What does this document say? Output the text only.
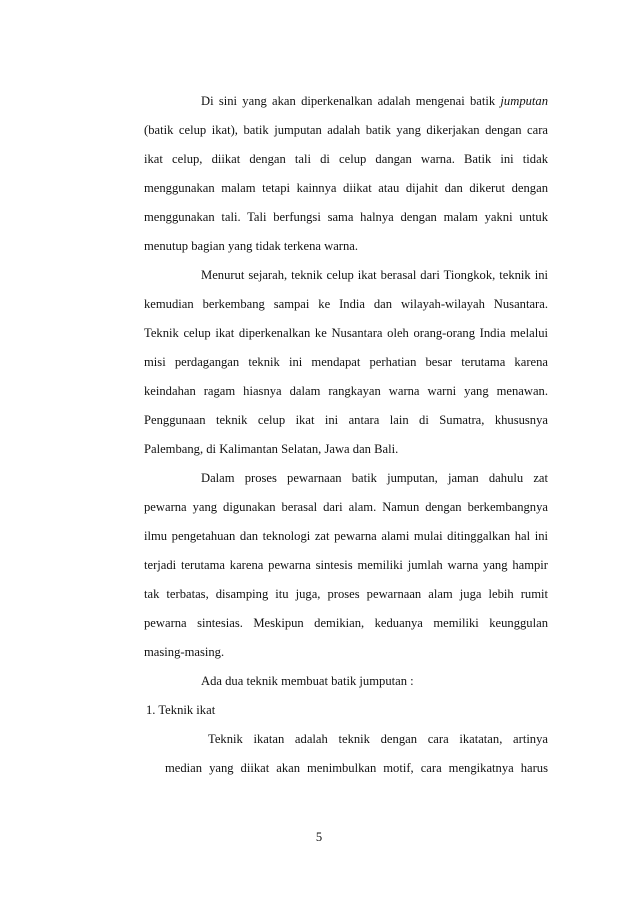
Di sini yang akan diperkenalkan adalah mengenai batik jumputan
(batik celup ikat), batik jumputan adalah batik yang dikerjakan dengan cara
ikat celup, diikat dengan tali di celup dangan warna. Batik ini tidak
menggunakan malam tetapi kainnya diikat atau dijahit dan dikerut dengan
menggunakan tali. Tali berfungsi sama halnya dengan malam yakni untuk
menutup bagian yang tidak terkena warna.
Menurut sejarah, teknik celup ikat berasal dari Tiongkok, teknik ini
kemudian berkembang sampai ke India dan wilayah-wilayah Nusantara.
Teknik celup ikat diperkenalkan ke Nusantara oleh orang-orang India melalui
misi perdagangan teknik ini mendapat perhatian besar terutama karena
keindahan ragam hiasnya dalam rangkayan warna warni yang menawan.
Penggunaan teknik celup ikat ini antara lain di Sumatra, khususnya
Palembang, di Kalimantan Selatan, Jawa dan Bali.
Dalam proses pewarnaan batik jumputan, jaman dahulu zat
pewarna yang digunakan berasal dari alam. Namun dengan berkembangnya
ilmu pengetahuan dan teknologi zat pewarna alami mulai ditinggalkan hal ini
terjadi terutama karena pewarna sintesis memiliki jumlah warna yang hampir
tak terbatas, disamping itu juga, proses pewarnaan alam juga lebih rumit
pewarna sintesias. Meskipun demikian, keduanya memiliki keunggulan
masing-masing.
Ada dua teknik membuat batik jumputan :
1. Teknik ikat
Teknik ikatan adalah teknik dengan cara ikatatan, artinya
median yang diikat akan menimbulkan motif, cara mengikatnya harus
5
